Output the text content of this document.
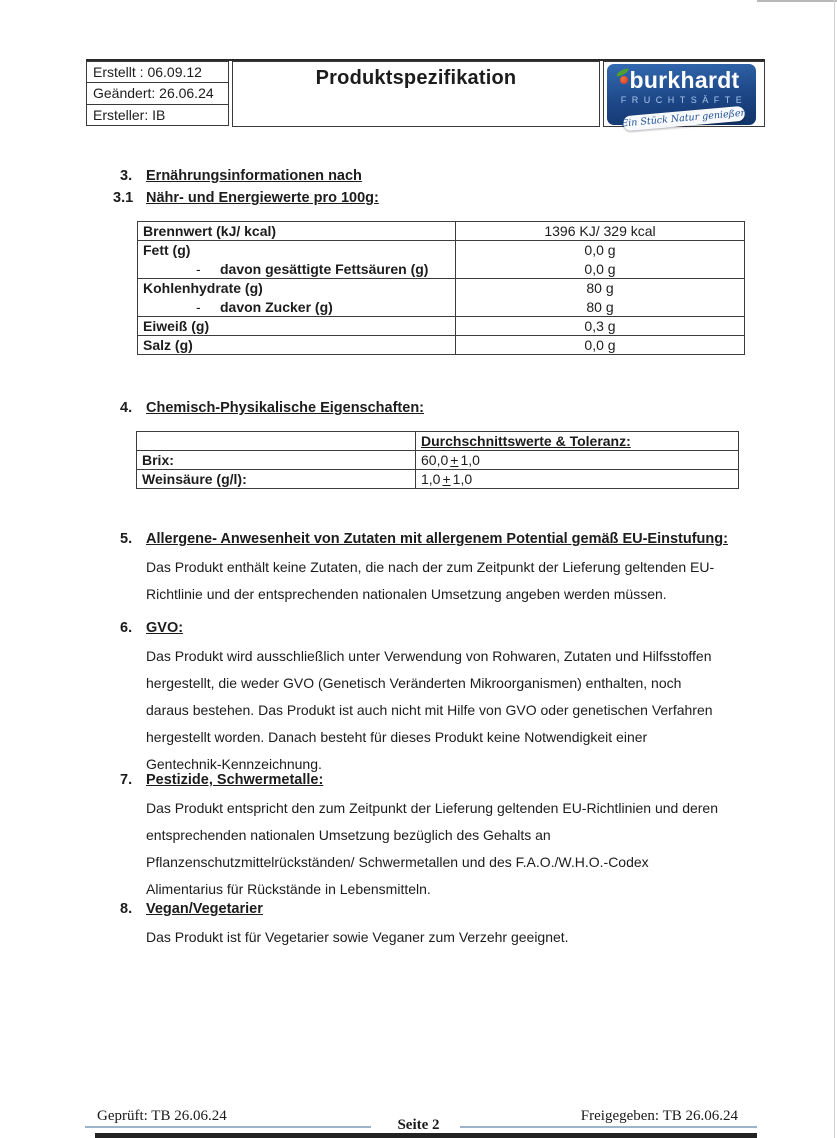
Erstellt : 06.09.12
Geändert: 26.06.24
Ersteller: IB
Produktspezifikation	burkhardt
FRUCHTSÄFTE
Ein Stück Natur genießen
3. Ernährungsinformationen nach
3.1 Nähr- und Energiewerte pro 100g:
Brennwert (kJ/ kcal)	1396 KJ/ 329 kcal
Fett (g)	0,0 g
- davon gesättigte Fettsäuren (g)	0,0 g
Kohlenhydrate (g)	80 g
- davon Zucker (g)	80 g
Eiweiß (g)	0,3 g
Salz (g)	0,0 g
4. Chemisch-Physikalische Eigenschaften:
	Durchschnittswerte & Toleranz:
Brix:	60,0 + 1,0
Weinsäure (g/l):	1,0 + 1,0
5. Allergene- Anwesenheit von Zutaten mit allergenem Potential gemäß EU-Einstufung:
Das Produkt enthält keine Zutaten, die nach der zum Zeitpunkt der Lieferung geltenden EU-
Richtlinie und der entsprechenden nationalen Umsetzung angeben werden müssen.
6. GVO:
Das Produkt wird ausschließlich unter Verwendung von Rohwaren, Zutaten und Hilfsstoffen
hergestellt, die weder GVO (Genetisch Veränderten Mikroorganismen) enthalten, noch
daraus bestehen. Das Produkt ist auch nicht mit Hilfe von GVO oder genetischen Verfahren
hergestellt worden. Danach besteht für dieses Produkt keine Notwendigkeit einer
Gentechnik-Kennzeichnung.
7. Pestizide, Schwermetalle:
Das Produkt entspricht den zum Zeitpunkt der Lieferung geltenden EU-Richtlinien und deren
entsprechenden nationalen Umsetzung bezüglich des Gehalts an
Pflanzenschutzmittelrückständen/ Schwermetallen und des F.A.O./W.H.O.-Codex
Alimentarius für Rückstände in Lebensmitteln.
8. Vegan/Vegetarier
Das Produkt ist für Vegetarier sowie Veganer zum Verzehr geeignet.
Geprüft: TB 26.06.24	Freigegeben: TB 26.06.24
Seite 2
